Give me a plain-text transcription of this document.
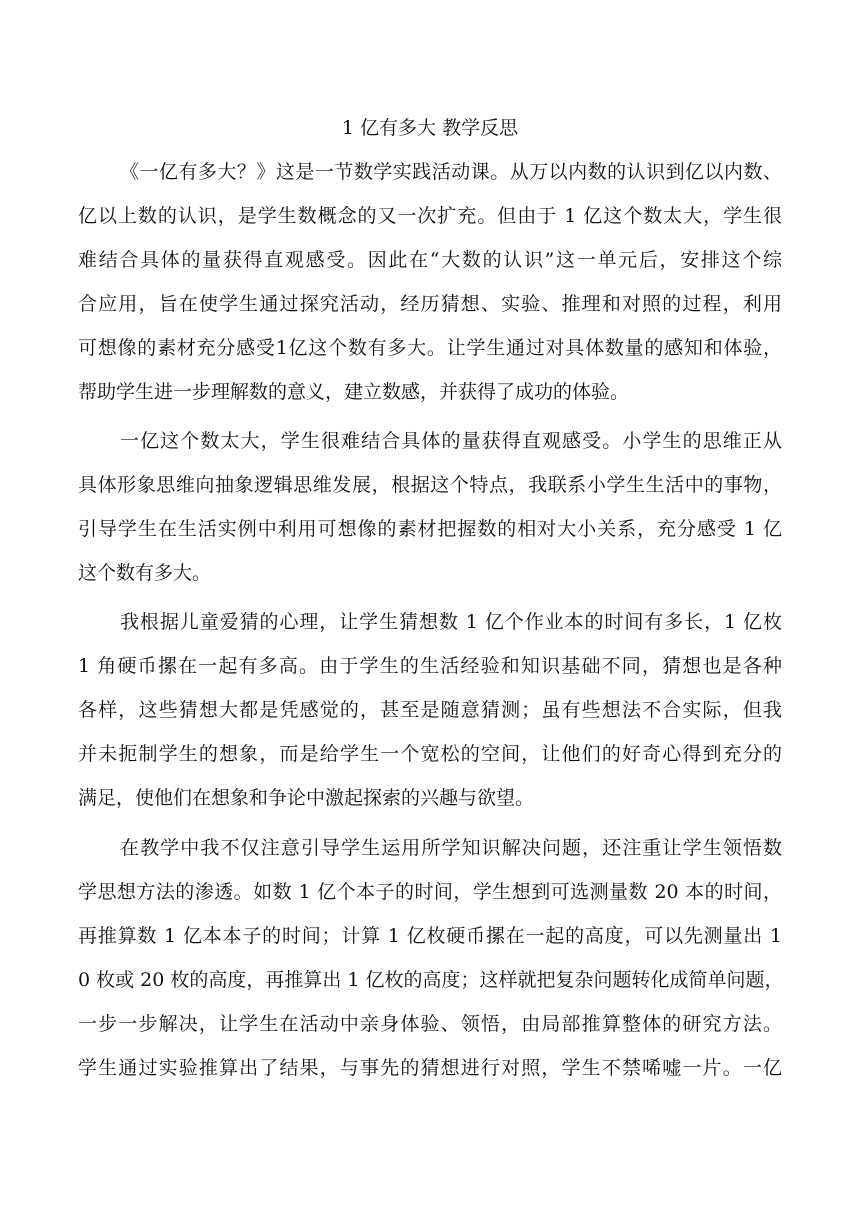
1 亿有多大 教学反思

《一亿有多大？》这是一节数学实践活动课。从万以内数的认识到亿以内数、

亿以上数的认识，是学生数概念的又一次扩充。但由于 1 亿这个数太大，学生很

难结合具体的量获得直观感受。因此在“大数的认识”这一单元后，安排这个综

合应用，旨在使学生通过探究活动，经历猜想、实验、推理和对照的过程，利用

可想像的素材充分感受1亿这个数有多大。让学生通过对具体数量的感知和体验，

帮助学生进一步理解数的意义，建立数感，并获得了成功的体验。

一亿这个数太大，学生很难结合具体的量获得直观感受。小学生的思维正从

具体形象思维向抽象逻辑思维发展，根据这个特点，我联系小学生生活中的事物，

引导学生在生活实例中利用可想像的素材把握数的相对大小关系，充分感受 1 亿

这个数有多大。

我根据儿童爱猜的心理，让学生猜想数 1 亿个作业本的时间有多长，1 亿枚

1 角硬币摞在一起有多高。由于学生的生活经验和知识基础不同，猜想也是各种

各样，这些猜想大都是凭感觉的，甚至是随意猜测；虽有些想法不合实际，但我

并未扼制学生的想象，而是给学生一个宽松的空间，让他们的好奇心得到充分的

满足，使他们在想象和争论中激起探索的兴趣与欲望。

在教学中我不仅注意引导学生运用所学知识解决问题，还注重让学生领悟数

学思想方法的渗透。如数 1 亿个本子的时间，学生想到可选测量数 20 本的时间，

再推算数 1 亿本本子的时间；计算 1 亿枚硬币摞在一起的高度，可以先测量出 1

0 枚或 20 枚的高度，再推算出 1 亿枚的高度；这样就把复杂问题转化成简单问题，

一步一步解决，让学生在活动中亲身体验、领悟，由局部推算整体的研究方法。

学生通过实验推算出了结果，与事先的猜想进行对照，学生不禁唏嘘一片。一亿
